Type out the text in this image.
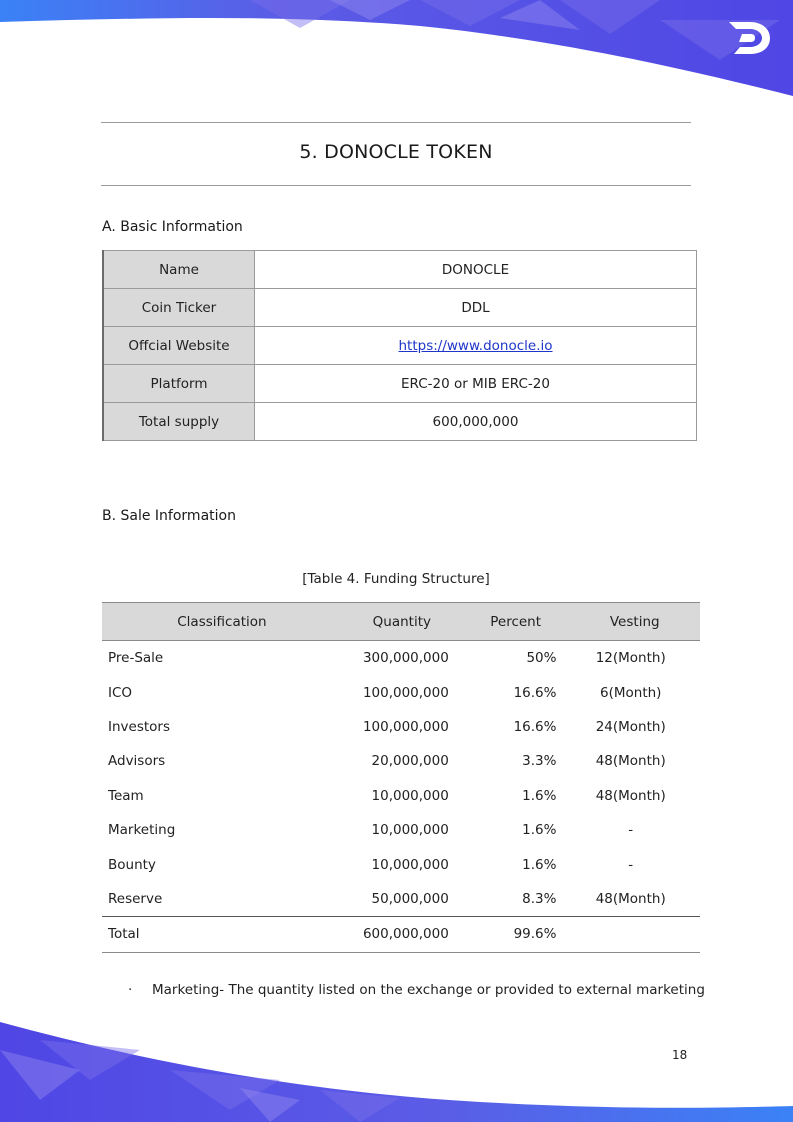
5. DONOCLE TOKEN
A. Basic Information
Name	DONOCLE
Coin Ticker	DDL
Offcial Website	https://www.donocle.io
Platform	ERC-20 or MIB ERC-20
Total supply	600,000,000
B. Sale Information
[Table 4. Funding Structure]
Classification	Quantity	Percent	Vesting
Pre-Sale	300,000,000	50%	12(Month)
ICO	100,000,000	16.6%	6(Month)
Investors	100,000,000	16.6%	24(Month)
Advisors	20,000,000	3.3%	48(Month)
Team	10,000,000	1.6%	48(Month)
Marketing	10,000,000	1.6%	-
Bounty	10,000,000	1.6%	-
Reserve	50,000,000	8.3%	48(Month)
Total	600,000,000	99.6%	
· Marketing- The quantity listed on the exchange or provided to external marketing
18
